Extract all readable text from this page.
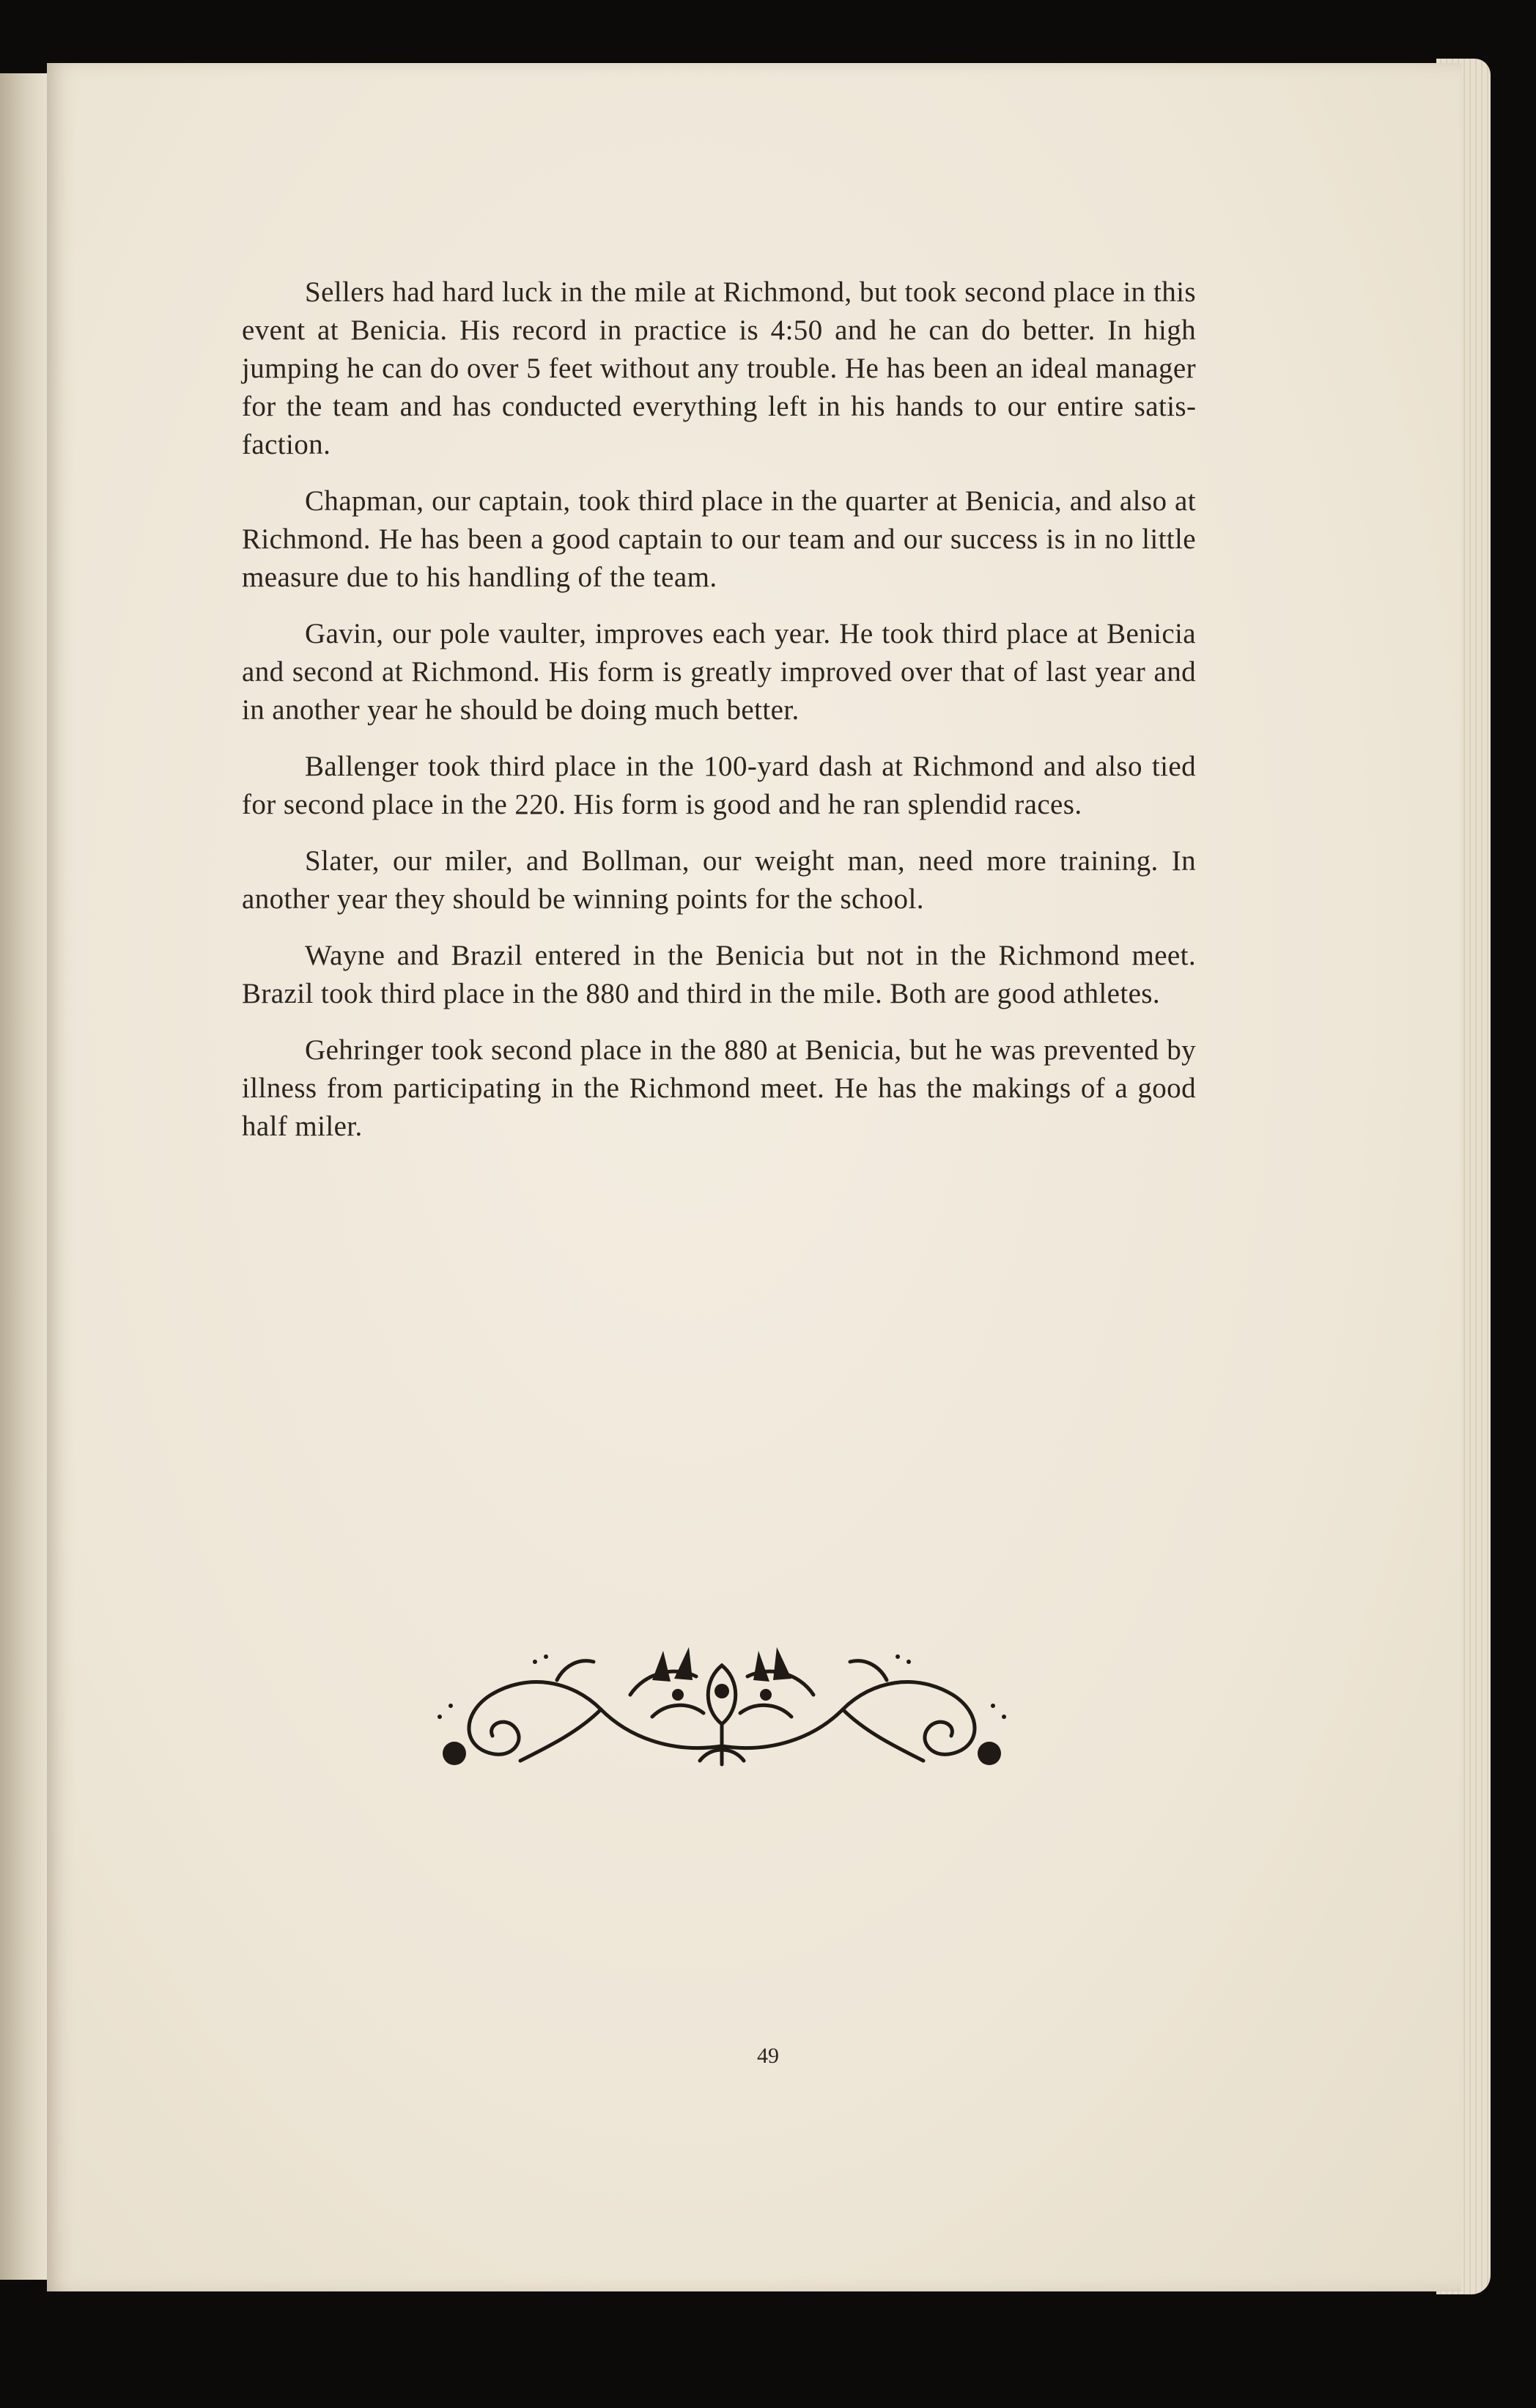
Sellers had hard luck in the mile at Richmond, but took second place in this event at Benicia. His record in practice is 4:50 and he can do better. In high jumping he can do over 5 feet without any trouble. He has been an ideal manager for the team and has conducted everything left in his hands to our entire satisfaction.

Chapman, our captain, took third place in the quarter at Benicia, and also at Richmond. He has been a good captain to our team and our success is in no little measure due to his handling of the team.

Gavin, our pole vaulter, improves each year. He took third place at Benicia and second at Richmond. His form is greatly improved over that of last year and in another year he should be doing much better.

Ballenger took third place in the 100-yard dash at Richmond and also tied for second place in the 220. His form is good and he ran splendid races.

Slater, our miler, and Bollman, our weight man, need more training. In another year they should be winning points for the school.

Wayne and Brazil entered in the Benicia but not in the Richmond meet. Brazil took third place in the 880 and third in the mile. Both are good athletes.

Gehringer took second place in the 880 at Benicia, but he was prevented by illness from participating in the Richmond meet. He has the makings of a good half miler.

49
